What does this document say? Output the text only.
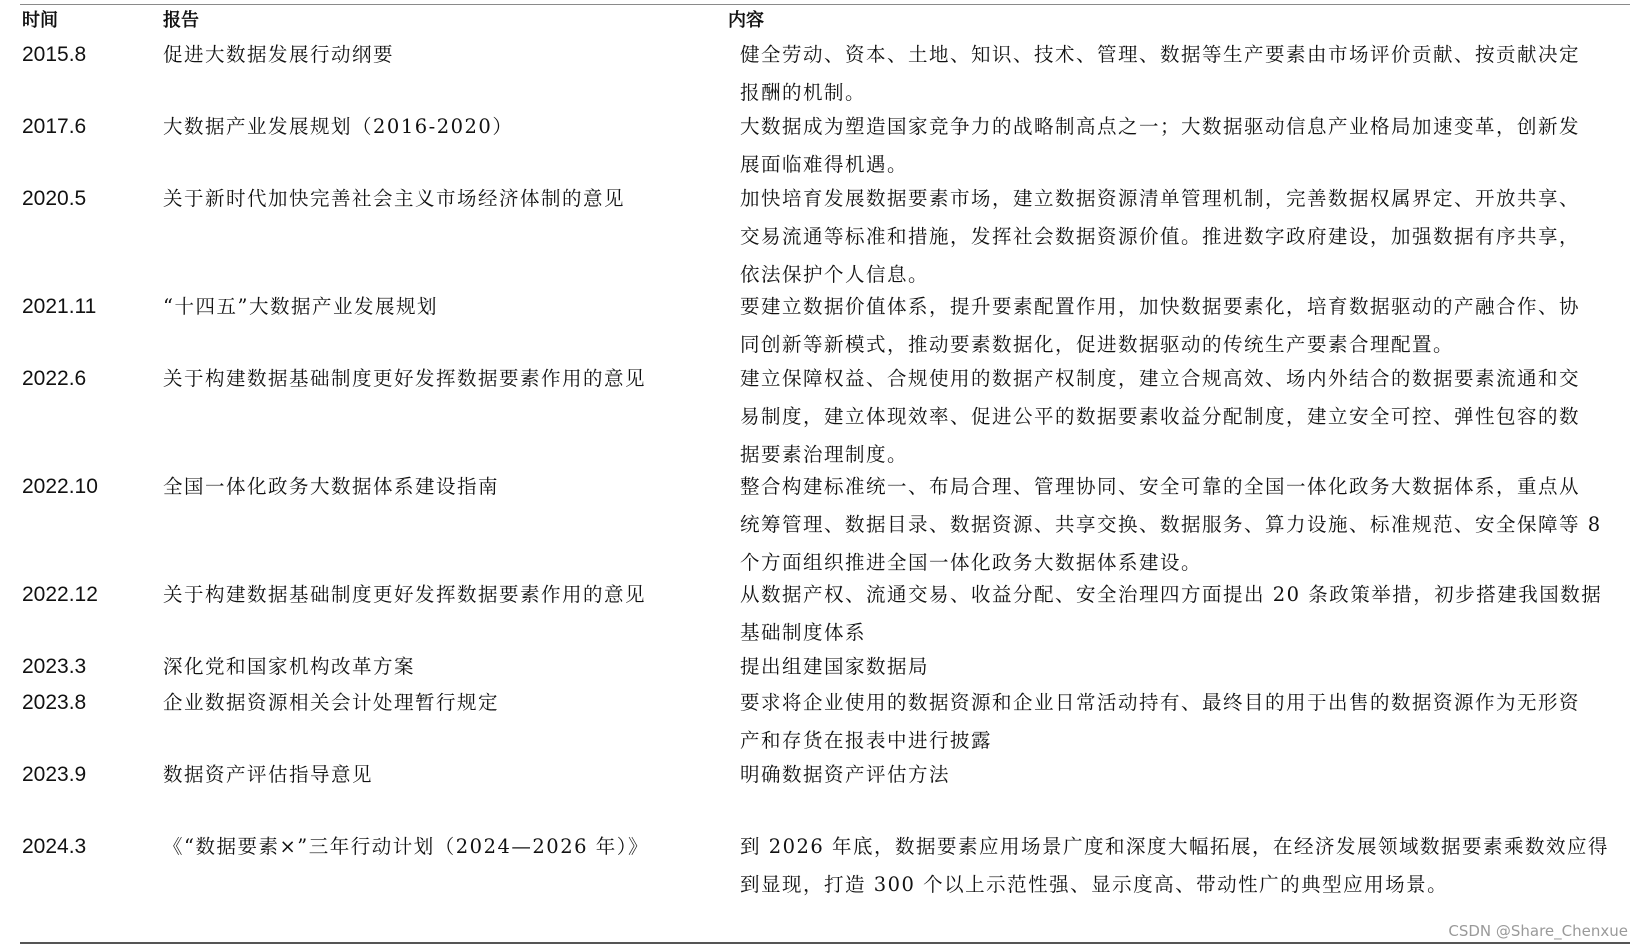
时间	报告	内容
2015.8	促进大数据发展行动纲要	健全劳动、资本、土地、知识、技术、管理、数据等生产要素由市场评价贡献、按贡献决定
报酬的机制。
2017.6	大数据产业发展规划（2016-2020）	大数据成为塑造国家竞争力的战略制高点之一；大数据驱动信息产业格局加速变革，创新发
展面临难得机遇。
2020.5	关于新时代加快完善社会主义市场经济体制的意见	加快培育发展数据要素市场，建立数据资源清单管理机制，完善数据权属界定、开放共享、
交易流通等标准和措施，发挥社会数据资源价值。推进数字政府建设，加强数据有序共享，
依法保护个人信息。
2021.11	“十四五”大数据产业发展规划	要建立数据价值体系，提升要素配置作用，加快数据要素化，培育数据驱动的产融合作、协
同创新等新模式，推动要素数据化，促进数据驱动的传统生产要素合理配置。
2022.6	关于构建数据基础制度更好发挥数据要素作用的意见	建立保障权益、合规使用的数据产权制度，建立合规高效、场内外结合的数据要素流通和交
易制度，建立体现效率、促进公平的数据要素收益分配制度，建立安全可控、弹性包容的数
据要素治理制度。
2022.10	全国一体化政务大数据体系建设指南	整合构建标准统一、布局合理、管理协同、安全可靠的全国一体化政务大数据体系，重点从
统筹管理、数据目录、数据资源、共享交换、数据服务、算力设施、标准规范、安全保障等 8
个方面组织推进全国一体化政务大数据体系建设。
2022.12	关于构建数据基础制度更好发挥数据要素作用的意见	从数据产权、流通交易、收益分配、安全治理四方面提出 20 条政策举措，初步搭建我国数据
基础制度体系
2023.3	深化党和国家机构改革方案	提出组建国家数据局
2023.8	企业数据资源相关会计处理暂行规定	要求将企业使用的数据资源和企业日常活动持有、最终目的用于出售的数据资源作为无形资
产和存货在报表中进行披露
2023.9	数据资产评估指导意见	明确数据资产评估方法
2024.3	《“数据要素×”三年行动计划（2024—2026 年）》	到 2026 年底，数据要素应用场景广度和深度大幅拓展，在经济发展领域数据要素乘数效应得
到显现，打造 300 个以上示范性强、显示度高、带动性广的典型应用场景。
CSDN @Share_Chenxue
